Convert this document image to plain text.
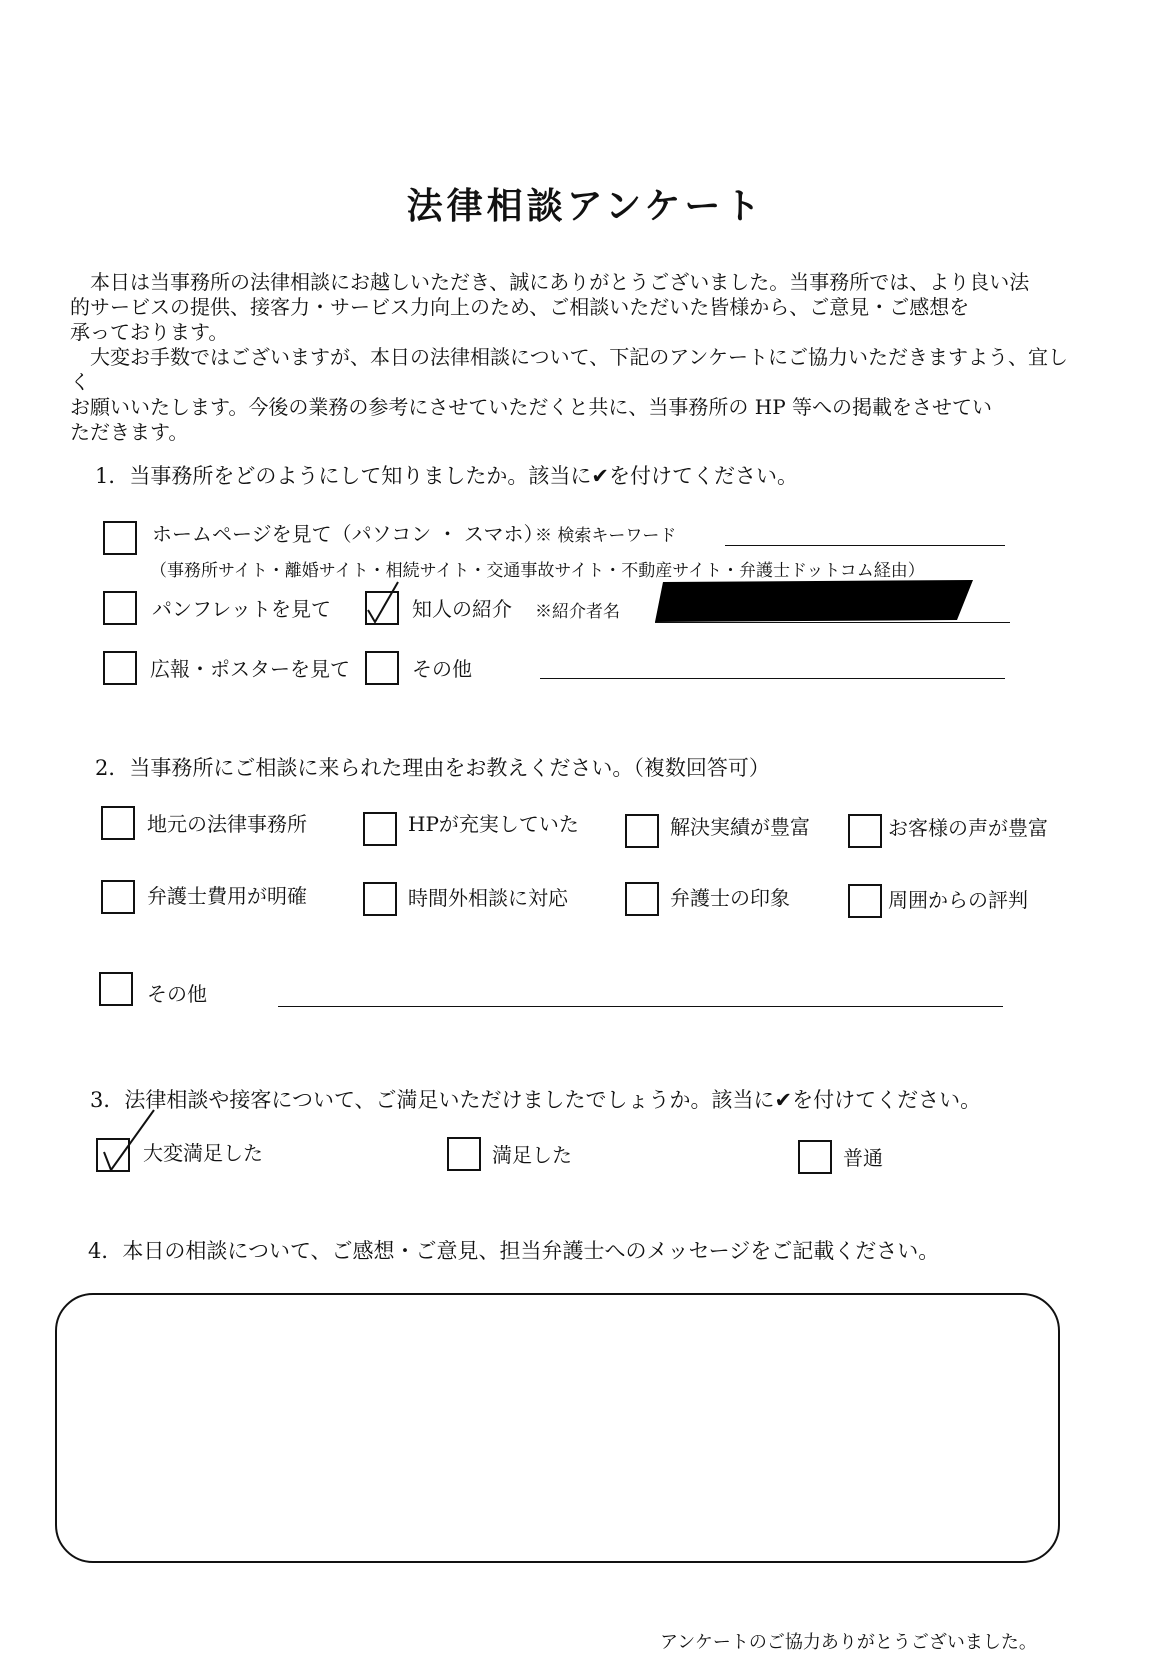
法律相談アンケート
本日は当事務所の法律相談にお越しいただき、誠にありがとうございました。当事務所では、より良い法
的サービスの提供、接客力・サービス力向上のため、ご相談いただいた皆様から、ご意見・ご感想を
承っております。
大変お手数ではございますが、本日の法律相談について、下記のアンケートにご協力いただきますよう、宜しく
お願いいたします。今後の業務の参考にさせていただくと共に、当事務所の HP 等への掲載をさせてい
ただきます。
1．当事務所をどのようにして知りましたか。該当に✔を付けてください。
ホームページを見て（パソコン ・ スマホ）
※ 検索キーワード
（事務所サイト・離婚サイト・相続サイト・交通事故サイト・不動産サイト・弁護士ドットコム経由）
パンフレットを見て	知人の紹介 ※紹介者名
広報・ポスターを見て	その他
2．当事務所にご相談に来られた理由をお教えください。（複数回答可）
地元の法律事務所	HPが充実していた	解決実績が豊富	お客様の声が豊富
弁護士費用が明確	時間外相談に対応	弁護士の印象	周囲からの評判
その他
3．法律相談や接客について、ご満足いただけましたでしょうか。該当に✔を付けてください。
大変満足した	満足した	普通
4．本日の相談について、ご感想・ご意見、担当弁護士へのメッセージをご記載ください。
アンケートのご協力ありがとうございました。
